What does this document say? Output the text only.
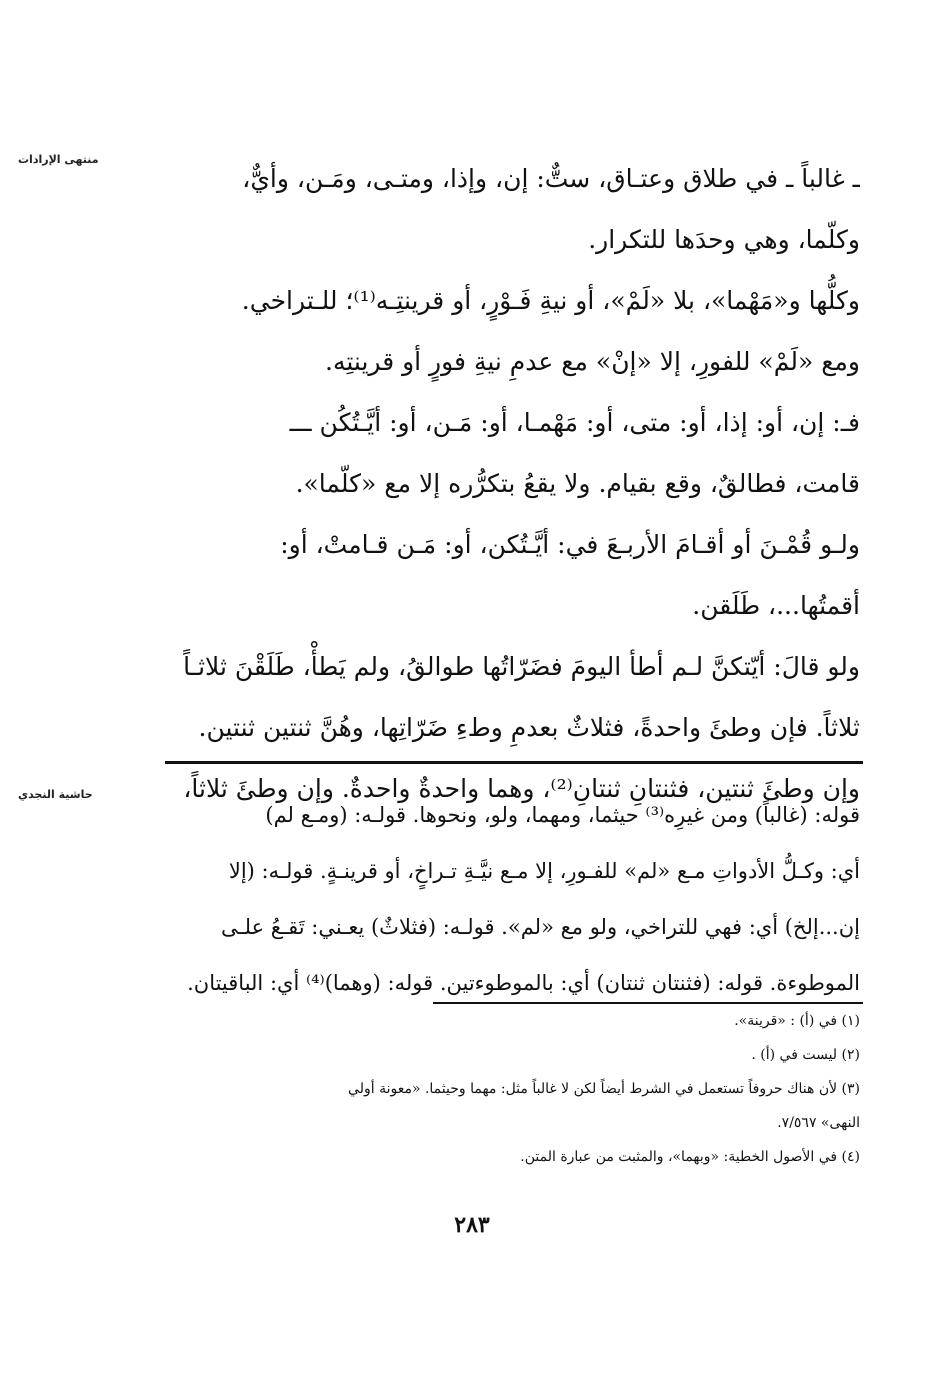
منتهى الإرادات
حاشية النجدي
ـ غالباً ـ في طلاق وعتـاق، ستٌّ: إن، وإذا، ومتـى، ومَـن، وأيٌّ،
وكلّما، وهي وحدَها للتكرار.
وكلُّها و«مَهْما»، بلا «لَمْ»، أو نيةِ فَـوْرٍ، أو قرينتِـه⁽¹⁾؛ للـتراخي.
ومع «لَمْ» للفورِ، إلا «إنْ» مع عدمِ نيةِ فورٍ أو قرينتِه.
فـ: إن، أو: إذا، أو: متى، أو: مَهْمـا، أو: مَـن، أو: أيَّـتُكُن ـــ
قامت، فطالقٌ، وقع بقيام. ولا يقعُ بتكرُّره إلا مع «كلّما».
ولـو قُمْـنَ أو أقـامَ الأربـعَ في: أيَّـتُكن، أو: مَـن قـامتْ، أو:
أقمتُها...، طَلَقن.
ولو قالَ: أيّتكنَّ لـم أطأ اليومَ فضَرّاتُها طوالقُ، ولم يَطأْ، طَلَقْنَ ثلاثـاً
ثلاثاً. فإن وطئَ واحدةً، فثلاثٌ بعدمِ وطءِ ضَرّاتِها، وهُنَّ ثنتين ثنتين.
وإن وطئَ ثنتين، فثنتانِ ثنتانِ⁽²⁾، وهما واحدةٌ واحدةٌ. وإن وطئَ ثلاثاً،
قوله: (غالباً) ومن غيرِه⁽³⁾ حيثما، ومهما، ولو، ونحوها. قولـه: (ومـع لم)
أي: وكـلُّ الأدواتِ مـع «لم» للفـورِ، إلا مـع نيَّـةِ تـراخٍ، أو قرينـةٍ. قولـه: (إلا
إن...إلخ) أي: فهي للتراخي، ولو مع «لم». قولـه: (فثلاثٌ) يعـني: تَقـعُ علـى
الموطوءة. قوله: (فثنتان ثنتان) أي: بالموطوءتين. قوله: (وهما)⁽⁴⁾ أي: الباقيتان.
(١) في (أ) : «قرينة».
(٢) ليست في (أ) .
(٣) لأن هناك حروفاً تستعمل في الشرط أيضاً لكن لا غالباً مثل: مهما وحيثما. «معونة أولي
النهى» ٧/٥٦٧.
(٤) في الأصول الخطية: «وبهما»، والمثبت من عبارة المتن.
٢٨٣
